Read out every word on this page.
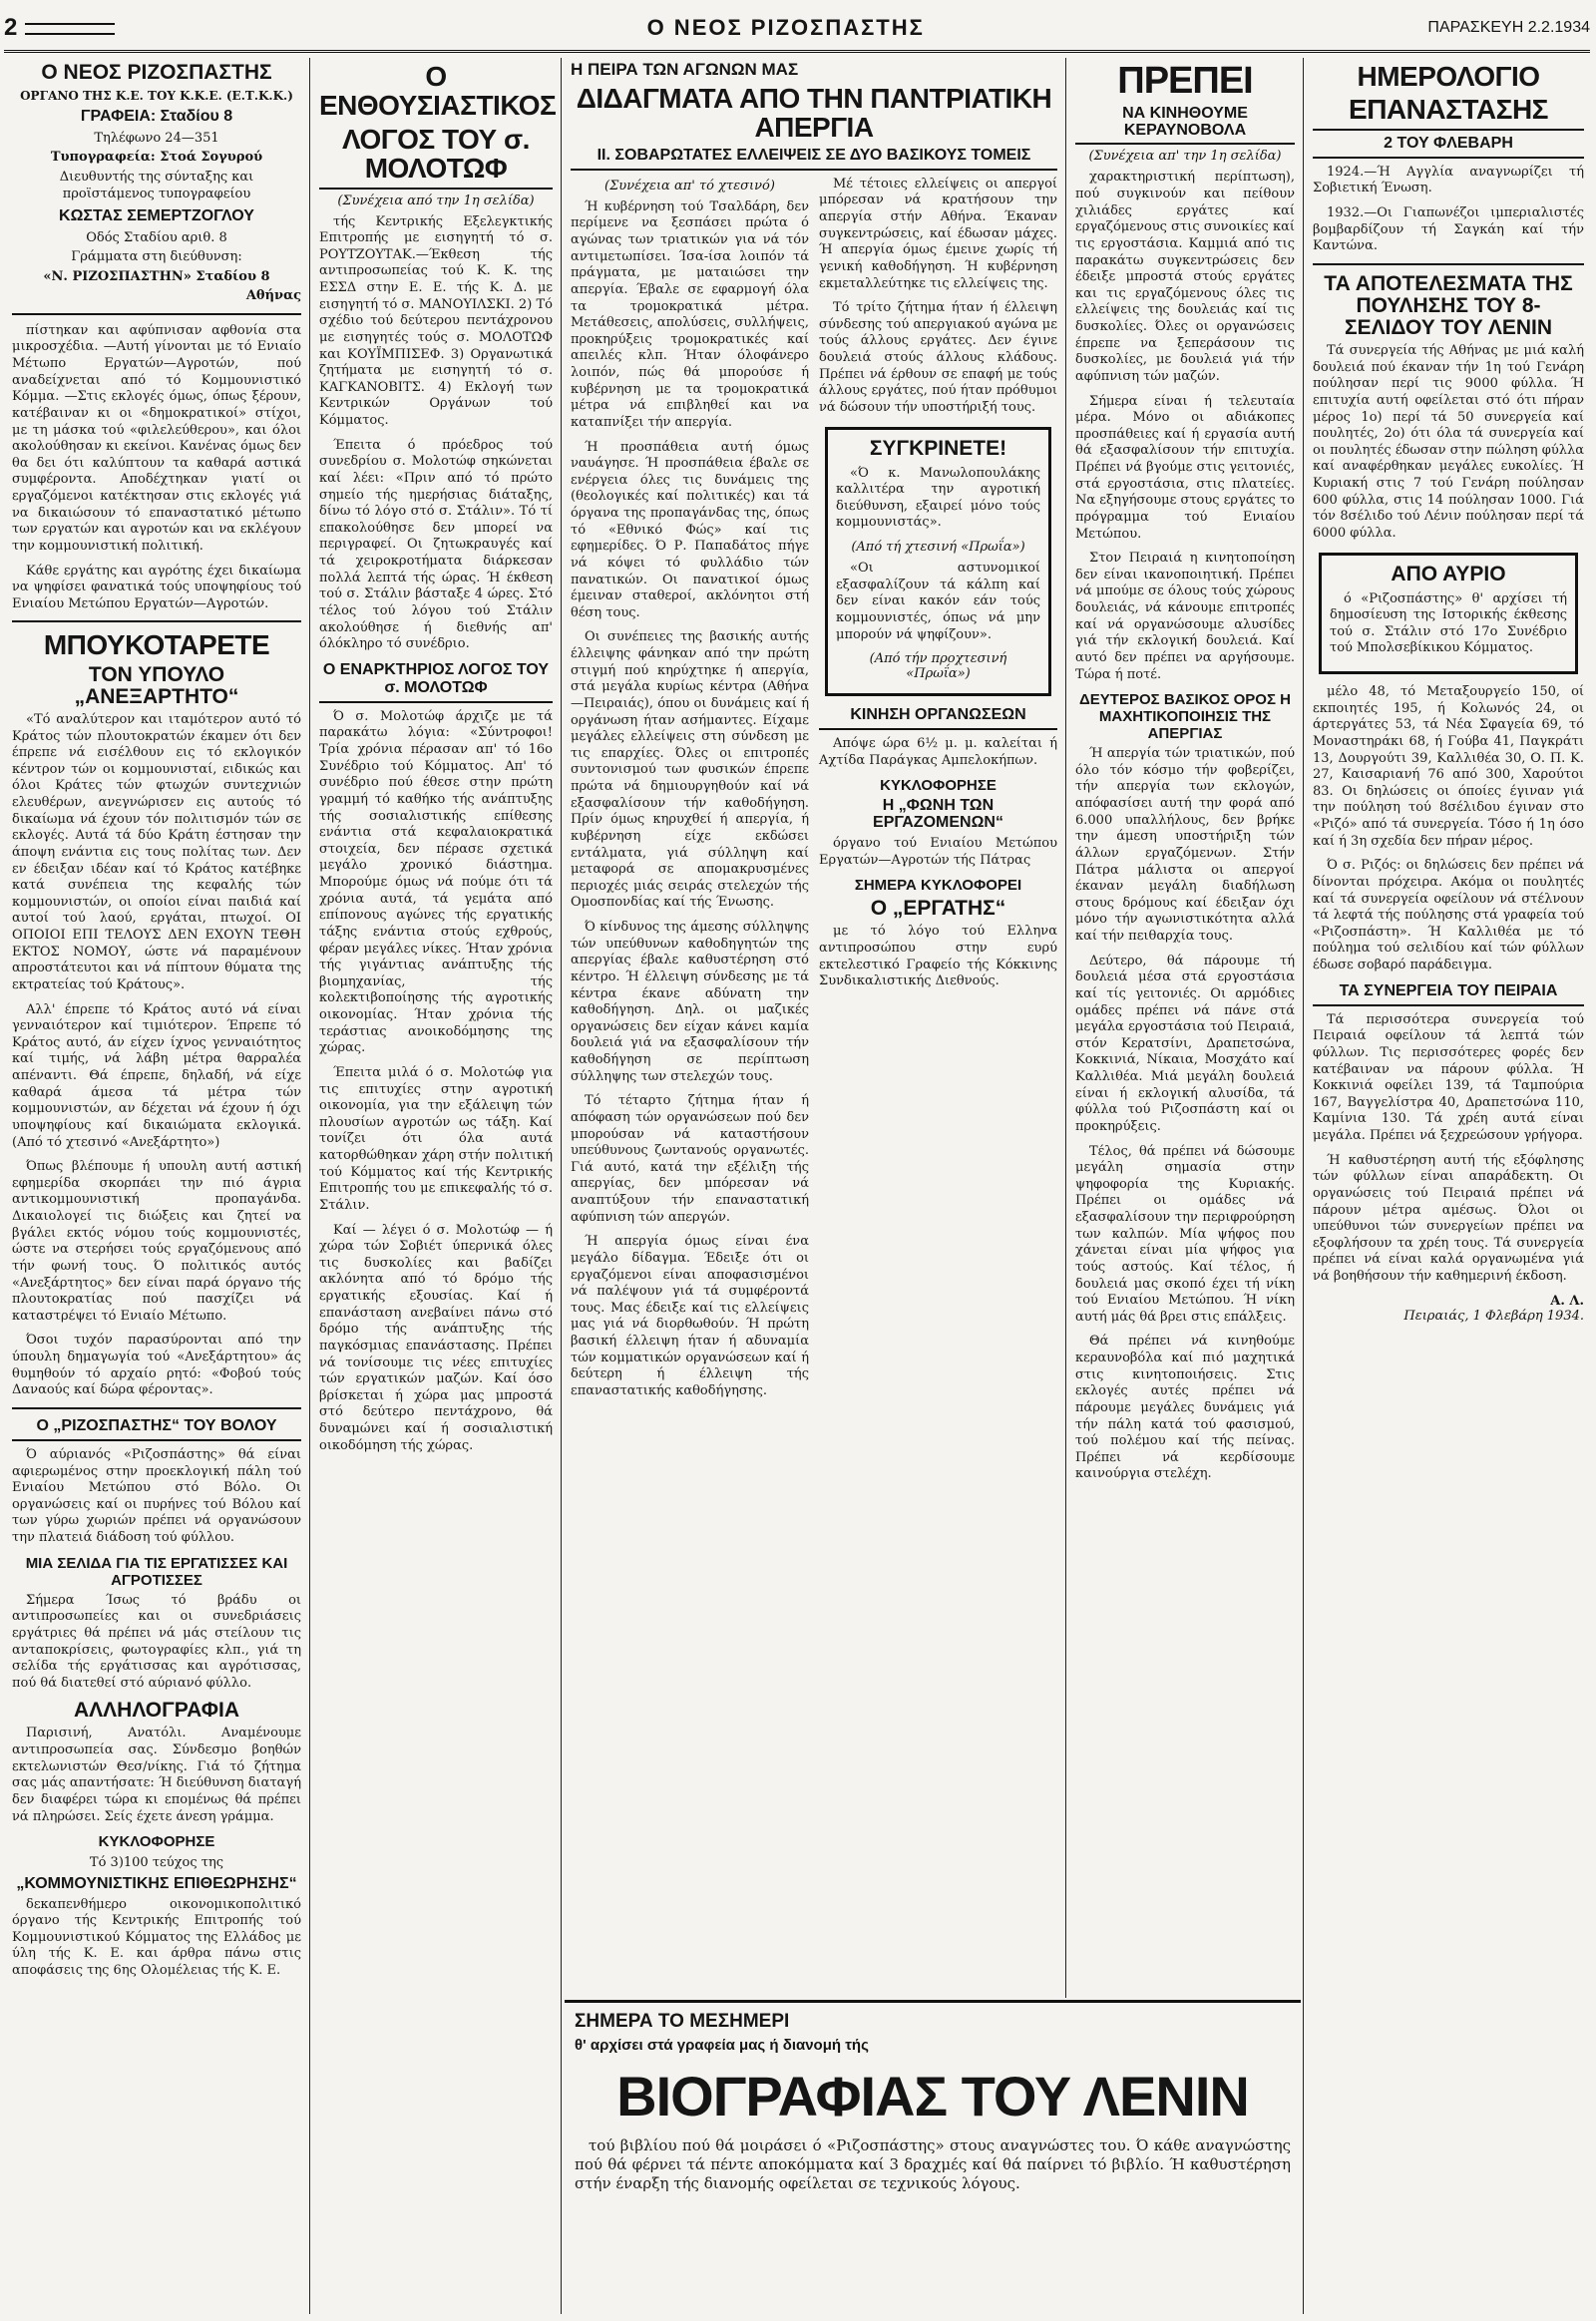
2	Ο ΝΕΟΣ ΡΙΖΟΣΠΑΣΤΗΣ	ΠΑΡΑΣΚΕΥΗ 2.2.1934
Ο ΝΕΟΣ ΡΙΖΟΣΠΑΣΤΗΣ
ΟΡΓΑΝΟ ΤΗΣ Κ.Ε. ΤΟΥ Κ.Κ.Ε. (Ε.Τ.Κ.Κ.)
ΓΡΑΦΕΙΑ: Σταδίου 8
Τηλέφωνο 24—351
Τυπογραφεία: Στοά Σογυρού
Διευθυντής της σύνταξης και προϊστάμενος τυπογραφείου
ΚΩΣΤΑΣ ΣΕΜΕΡΤΖΟΓΛΟΥ
Οδός Σταδίου αριθ. 8
Γράμματα στη διεύθυνση:
«Ν. ΡΙΖΟΣΠΑΣΤΗΝ» Σταδίου 8
Αθήνας

πίστηκαν και αφύπνισαν αφθονία στα μικροσχέδια. —Αυτή γίνονται με τό Ενιαίο Μέτωπο Εργατών—Αγροτών, πού αναδείχνεται από τό Κομμουνιστικό Κόμμα. —Στις εκλογές όμως, όπως ξέρουν, κατέβαιναν κι οι «δημοκρατικοί» στίχοι, με τη μάσκα τού «φιλελεύθερου», και όλοι ακολούθησαν κι εκείνοι. Κανένας όμως δεν θα δει ότι καλύπτουν τα καθαρά αστικά συμφέροντα. Αποδέχτηκαν γιατί οι εργαζόμενοι κατέκτησαν στις εκλογές γιά να δικαιώσουν τό επαναστατικό μέτωπο των εργατών και αγροτών και να εκλέγουν την κομμουνιστική πολιτική.

Κάθε εργάτης και αγρότης έχει δικαίωμα να ψηφίσει φανατικά τούς υποψηφίους τού Ενιαίου Μετώπου Εργατών—Αγροτών.

ΜΠΟΥΚΟΤΑΡΕΤΕ
ΤΟΝ ΥΠΟΥΛΟ „ΑΝΕΞΑΡΤΗΤΟ“

«Τό αναλύτερον και ιταμότερον αυτό τό Κράτος τών πλουτοκρατών έκαμεν ότι δεν έπρεπε νά εισέλθουν εις τό εκλογικόν κέντρον τών οι κομμουνισταί, ειδικώς και όλοι Κράτες τών φτωχών συντεχνιών ελευθέρων, ανεγνώρισεν εις αυτούς τό δικαίωμα νά έχουν τόν πολιτισμόν τών σε εκλογές. Αυτά τά δύο Κράτη έστησαν την άποψη ενάντια εις τους πολίτας των. Δεν εν έδειξαν ιδέαν καί τό Κράτος κατέβηκε κατά συνέπεια της κεφαλής τών κομμουνιστών, οι οποίοι είναι παιδιά καί αυτοί τού λαού, εργάται, πτωχοί. ΟΙ ΟΠΟΙΟΙ ΕΠΙ ΤΕΛΟΥΣ ΔΕΝ ΕΧΟΥΝ ΤΕΘΗ ΕΚΤΟΣ ΝΟΜΟΥ, ώστε νά παραμένουν απροστάτευτοι και νά πίπτουν θύματα της εκτρατείας τού Κράτους».

Αλλ' έπρεπε τό Κράτος αυτό νά είναι γενναιότερον καί τιμιότερον. Έπρεπε τό Κράτος αυτό, άν είχεν ίχνος γενναιότητος καί τιμής, νά λάβη μέτρα θαρραλέα απέναντι. Θά έπρεπε, δηλαδή, νά είχε καθαρά άμεσα τά μέτρα τών κομμουνιστών, αν δέχεται νά έχουν ή όχι υποψηφίους καί δικαιώματα εκλογικά. (Από τό χτεσινό «Ανεξάρτητο»)

Όπως βλέπουμε ή υπουλη αυτή αστική εφημερίδα σκορπάει την πιό άγρια αντικομμουνιστική προπαγάνδα. Δικαιολογεί τις διώξεις και ζητεί να βγάλει εκτός νόμου τούς κομμουνιστές, ώστε να στερήσει τούς εργαζόμενους από τήν φωνή τους. Ό πολιτικός αυτός «Ανεξάρτητος» δεν είναι παρά όργανο τής πλουτοκρατίας πού πασχίζει νά καταστρέψει τό Ενιαίο Μέτωπο.

Όσοι τυχόν παρασύρονται από την ύπουλη δημαγωγία τού «Ανεξάρτητου» άς θυμηθούν τό αρχαίο ρητό: «Φοβού τούς Δαναούς καί δώρα φέροντας».

Ο „ΡΙΖΟΣΠΑΣΤΗΣ“ ΤΟΥ ΒΟΛΟΥ

Ό αύριανός «Ριζοσπάστης» θά είναι αφιερωμένος στην προεκλογική πάλη τού Ενιαίου Μετώπου στό Βόλο. Οι οργανώσεις καί οι πυρήνες τού Βόλου καί των γύρω χωριών πρέπει νά οργανώσουν την πλατειά διάδοση τού φύλλου.

ΜΙΑ ΣΕΛΙΔΑ ΓΙΑ ΤΙΣ ΕΡΓΑΤΙΣΣΕΣ ΚΑΙ ΑΓΡΟΤΙΣΣΕΣ

Σήμερα Ίσως τό βράδυ οι αντιπροσωπείες και οι συνεδριάσεις εργάτριες θά πρέπει νά μάς στείλουν τις ανταποκρίσεις, φωτογραφίες κλπ., γιά τη σελίδα τής εργάτισσας και αγρότισσας, πού θά διατεθεί στό αύριανό φύλλο.

ΑΛΛΗΛΟΓΡΑΦΙΑ

Παρισινή, Ανατόλι. Αναμένουμε αντιπροσωπεία σας. Σύνδεσμο βοηθών εκτελωνιστών Θεσ/νίκης. Γιά τό ζήτημα σας μάς απαντήσατε: Ή διεύθυνση διαταγή δεν διαφέρει τώρα κι επομένως θά πρέπει νά πληρώσει. Σείς έχετε άνεση γράμμα.

ΚΥΚΛΟΦΟΡΗΣΕ
Τό 3)100 τεύχος της
„ΚΟΜΜΟΥΝΙΣΤΙΚΗΣ ΕΠΙΘΕΩΡΗΣΗΣ“

δεκαπενθήμερο οικονομικοπολιτικό όργανο τής Κεντρικής Επιτροπής τού Κομμουνιστικού Κόμματος της Ελλάδος με ύλη τής Κ. Ε. και άρθρα πάνω στις αποφάσεις της 6ης Ολομέλειας τής Κ. Ε.

Ο ΕΝΘΟΥΣΙΑΣΤΙΚΟΣ
ΛΟΓΟΣ ΤΟΥ σ. ΜΟΛΟΤΩΦ
(Συνέχεια από την 1η σελίδα)

τής Κεντρικής Εξελεγκτικής Επιτροπής με εισηγητή τό σ. ΡΟΥΤΖΟΥΤΑΚ.—Έκθεση τής αντιπροσωπείας τού Κ. Κ. της ΕΣΣΔ στην Ε. Ε. τής Κ. Δ. με εισηγητή τό σ. ΜΑΝΟΥΙΛΣΚΙ. 2) Τό σχέδιο τού δεύτερου πεντάχρονου με εισηγητές τούς σ. ΜΟΛΟΤΩΦ και ΚΟΥΪΜΠΙΣΕΦ. 3) Οργανωτικά ζητήματα με εισηγητή τό σ. ΚΑΓΚΑΝΟΒΙΤΣ. 4) Εκλογή των Κεντρικών Οργάνων τού Κόμματος.

Έπειτα ό πρόεδρος τού συνεδρίου σ. Μολοτώφ σηκώνεται καί λέει: «Πριν από τό πρώτο σημείο τής ημερήσιας διάταξης, δίνω τό λόγο στό σ. Στάλιν». Τό τί επακολούθησε δεν μπορεί να περιγραφεί. Οι ζητωκραυγές καί τά χειροκροτήματα διάρκεσαν πολλά λεπτά τής ώρας. Ή έκθεση τού σ. Στάλιν βάσταξε 4 ώρες. Στό τέλος τού λόγου τού Στάλιν ακολούθησε ή διεθνής απ' όλόκληρο τό συνέδριο.

Ο ΕΝΑΡΚΤΗΡΙΟΣ ΛΟΓΟΣ ΤΟΥ σ. ΜΟΛΟΤΩΦ

Ό σ. Μολοτώφ άρχιζε με τά παρακάτω λόγια: «Σύντροφοι! Τρία χρόνια πέρασαν απ' τό 16ο Συνέδριο τού Κόμματος. Απ' τό συνέδριο πού έθεσε στην πρώτη γραμμή τό καθήκο τής ανάπτυξης τής σοσιαλιστικής επίθεσης ενάντια στά κεφαλαιοκρατικά στοιχεία, δεν πέρασε σχετικά μεγάλο χρονικό διάστημα. Μπορούμε όμως νά πούμε ότι τά χρόνια αυτά, τά γεμάτα από επίπονους αγώνες τής εργατικής τάξης ενάντια στούς εχθρούς, φέραν μεγάλες νίκες. Ήταν χρόνια τής γιγάντιας ανάπτυξης τής βιομηχανίας, τής κολεκτιβοποίησης τής αγροτικής οικονομίας. Ήταν χρόνια τής τεράστιας ανοικοδόμησης της χώρας.

Έπειτα μιλά ό σ. Μολοτώφ για τις επιτυχίες στην αγροτική οικονομία, για την εξάλειψη τών πλουσίων αγροτών ως τάξη. Καί τονίζει ότι όλα αυτά κατορθώθηκαν χάρη στήν πολιτική τού Κόμματος καί τής Κεντρικής Επιτροπής του με επικεφαλής τό σ. Στάλιν.

Καί — λέγει ό σ. Μολοτώφ — ή χώρα τών Σοβιέτ ύπερνικά όλες τις δυσκολίες και βαδίζει ακλόνητα από τό δρόμο τής εργατικής εξουσίας. Καί ή επανάσταση ανεβαίνει πάνω στό δρόμο τής ανάπτυξης τής παγκόσμιας επανάστασης. Πρέπει νά τονίσουμε τις νέες επιτυχίες τών εργατικών μαζών. Καί όσο βρίσκεται ή χώρα μας μπροστά στό δεύτερο πεντάχρονο, θά δυναμώνει καί ή σοσιαλιστική οικοδόμηση τής χώρας.

Η ΠΕΙΡΑ ΤΩΝ ΑΓΩΝΩΝ ΜΑΣ
ΔΙΔΑΓΜΑΤΑ ΑΠΟ ΤΗΝ ΠΑΝΤΡΙΑΤΙΚΗ ΑΠΕΡΓΙΑ
II. ΣΟΒΑΡΩΤΑΤΕΣ ΕΛΛΕΙΨΕΙΣ ΣΕ ΔΥΟ ΒΑΣΙΚΟΥΣ ΤΟΜΕΙΣ
(Συνέχεια απ' τό χτεσινό)

Ή κυβέρνηση τού Τσαλδάρη, δεν περίμενε να ξεσπάσει πρώτα ό αγώνας των τριατικών για νά τόν αντιμετωπίσει. Ίσα-ίσα λοιπόν τά πράγματα, με ματαιώσει την απεργία. Έβαλε σε εφαρμογή όλα τα τρομοκρατικά μέτρα. Μετάθεσεις, απολύσεις, συλλήψεις, προκηρύξεις τρομοκρατικές καί απειλές κλπ. Ήταν όλοφάνερο λοιπόν, πώς θά μπορούσε ή κυβέρνηση με τα τρομοκρατικά μέτρα νά επιβληθεί και να καταπνίξει τήν απεργία.

Ή προσπάθεια αυτή όμως ναυάγησε. Ή προσπάθεια έβαλε σε ενέργεια όλες τις δυνάμεις της (θεολογικές καί πολιτικές) και τά όργανα της προπαγάνδας της, όπως τό «Εθνικό Φώς» καί τις εφημερίδες. Ό Ρ. Παπαδάτος πήγε νά κόψει τό φυλλάδιο τών πανατικών. Οι πανατικοί όμως έμειναν σταθεροί, ακλόνητοι στή θέση τους.

Οι συνέπειες της βασικής αυτής έλλειψης φάνηκαν από την πρώτη στιγμή πού κηρύχτηκε ή απεργία, στά μεγάλα κυρίως κέντρα (Αθήνα—Πειραιάς), όπου οι δυνάμεις καί ή οργάνωση ήταν ασήμαντες. Είχαμε μεγάλες ελλείψεις στη σύνδεση με τις επαρχίες. Όλες οι επιτροπές συντονισμού των φυσικών έπρεπε πρώτα νά δημιουργηθούν καί νά εξασφαλίσουν τήν καθοδήγηση. Πρίν όμως κηρυχθεί ή απεργία, ή κυβέρνηση είχε εκδώσει εντάλματα, γιά σύλληψη καί μεταφορά σε απομακρυσμένες περιοχές μιάς σειράς στελεχών τής Ομοσπονδίας καί τής Ένωσης.

Ό κίνδυνος της άμεσης σύλληψης τών υπεύθυνων καθοδηγητών της απεργίας έβαλε καθυστέρηση στό κέντρο. Ή έλλειψη σύνδεσης με τά κέντρα έκανε αδύνατη την καθοδήγηση. Δηλ. οι μαζικές οργανώσεις δεν είχαν κάνει καμία δουλειά γιά να εξασφαλίσουν τήν καθοδήγηση σε περίπτωση σύλληψης των στελεχών τους.

Τό τέταρτο ζήτημα ήταν ή απόφαση τών οργανώσεων πού δεν μπορούσαν νά καταστήσουν υπεύθυνους ζωντανούς οργανωτές. Γιά αυτό, κατά την εξέλιξη τής απεργίας, δεν μπόρεσαν νά αναπτύξουν τήν επαναστατική αφύπνιση τών απεργών.

Ή απεργία όμως είναι ένα μεγάλο δίδαγμα. Έδειξε ότι οι εργαζόμενοι είναι αποφασισμένοι νά παλέψουν γιά τά συμφέροντά τους. Μας έδειξε καί τις ελλείψεις μας γιά νά διορθωθούν. Ή πρώτη βασική έλλειψη ήταν ή αδυναμία τών κομματικών οργανώσεων καί ή δεύτερη ή έλλειψη τής επαναστατικής καθοδήγησης.

Μέ τέτοιες ελλείψεις οι απεργοί μπόρεσαν νά κρατήσουν την απεργία στήν Αθήνα. Έκαναν συγκεντρώσεις, καί έδωσαν μάχες. Ή απεργία όμως έμεινε χωρίς τή γενική καθοδήγηση. Ή κυβέρνηση εκμεταλλεύτηκε τις ελλείψεις της.

Τό τρίτο ζήτημα ήταν ή έλλειψη σύνδεσης τού απεργιακού αγώνα με τούς άλλους εργάτες. Δεν έγινε δουλειά στούς άλλους κλάδους. Πρέπει νά έρθουν σε επαφή με τούς άλλους εργάτες, πού ήταν πρόθυμοι νά δώσουν τήν υποστήριξή τους.

ΣΥΓΚΡΙΝΕΤΕ!

«Ό κ. Μανωλοπουλάκης καλλιτέρα την αγροτική διεύθυνση, εξαιρεί μόνο τούς κομμουνιστάς».

(Από τή χτεσινή «Πρωΐα»)

«Οι αστυνομικοί εξασφαλίζουν τά κάλπη καί δεν είναι κακόν εάν τούς κομμουνιστές, όπως νά μην μπορούν νά ψηφίζουν».

(Από τήν προχτεσινή «Πρωΐα»)
ΚΙΝΗΣΗ ΟΡΓΑΝΩΣΕΩΝ

Απόψε ώρα 6½ μ. μ. καλείται ή Αχτίδα Παράγκας Αμπελοκήπων.

ΚΥΚΛΟΦΟΡΗΣΕ
Η „ΦΩΝΗ ΤΩΝ ΕΡΓΑΖΟΜΕΝΩΝ“

όργανο τού Ενιαίου Μετώπου Εργατών—Αγροτών τής Πάτρας

ΣΗΜΕΡΑ ΚΥΚΛΟΦΟΡΕΙ
Ο „ΕΡΓΑΤΗΣ“

με τό λόγο τού Ελληνα αντιπροσώπου στην ευρύ εκτελεστικό Γραφείο τής Κόκκινης Συνδικαλιστικής Διεθνούς.

ΠΡΕΠΕΙ
ΝΑ ΚΙΝΗΘΟΥΜΕ ΚΕΡΑΥΝΟΒΟΛΑ
(Συνέχεια απ' την 1η σελίδα)

χαρακτηριστική περίπτωση), πού συγκινούν και πείθουν χιλιάδες εργάτες καί εργαζόμενους στις συνοικίες καί τις εργοστάσια. Καμμιά από τις παρακάτω συγκεντρώσεις δεν έδειξε μπροστά στούς εργάτες και τις εργαζόμενους όλες τις ελλείψεις της δουλειάς καί τις δυσκολίες. Όλες οι οργανώσεις έπρεπε να ξεπεράσουν τις δυσκολίες, με δουλειά γιά τήν αφύπνιση τών μαζών.

Σήμερα είναι ή τελευταία μέρα. Μόνο οι αδιάκοπες προσπάθειες καί ή εργασία αυτή θά εξασφαλίσουν τήν επιτυχία. Πρέπει νά βγούμε στις γειτονιές, στά εργοστάσια, στις πλατείες. Να εξηγήσουμε στους εργάτες το πρόγραμμα τού Ενιαίου Μετώπου.

Στον Πειραιά η κινητοποίηση δεν είναι ικανοποιητική. Πρέπει νά μπούμε σε όλους τούς χώρους δουλειάς, νά κάνουμε επιτροπές καί νά οργανώσουμε αλυσίδες γιά τήν εκλογική δουλειά. Καί αυτό δεν πρέπει να αργήσουμε. Τώρα ή ποτέ.

ΔΕΥΤΕΡΟΣ ΒΑΣΙΚΟΣ ΟΡΟΣ Η ΜΑΧΗΤΙΚΟΠΟΙΗΣΙΣ ΤΗΣ ΑΠΕΡΓΙΑΣ

Ή απεργία τών τριατικών, πού όλο τόν κόσμο τήν φοβερίζει, τήν απεργία των εκλογών, απόφασίσει αυτή την φορά από 6.000 υπαλλήλους, δεν βρήκε την άμεση υποστήριξη τών άλλων εργαζόμενων. Στήν Πάτρα μάλιστα οι απεργοί έκαναν μεγάλη διαδήλωση στους δρόμους καί έδειξαν όχι μόνο τήν αγωνιστικότητα αλλά καί τήν πειθαρχία τους.

Δεύτερο, θά πάρουμε τή δουλειά μέσα στά εργοστάσια καί τίς γειτονιές. Οι αρμόδιες ομάδες πρέπει νά πάνε στά μεγάλα εργοστάσια τού Πειραιά, στόν Κερατσίνι, Δραπετσώνα, Κοκκινιά, Νίκαια, Μοσχάτο καί Καλλιθέα. Μιά μεγάλη δουλειά είναι ή εκλογική αλυσίδα, τά φύλλα τού Ριζοσπάστη καί οι προκηρύξεις.

Τέλος, θά πρέπει νά δώσουμε μεγάλη σημασία στην ψηφοφορία της Κυριακής. Πρέπει οι ομάδες νά εξασφαλίσουν την περιφρούρηση των καλπών. Μία ψήφος που χάνεται είναι μία ψήφος για τούς αστούς. Καί τέλος, ή δουλειά μας σκοπό έχει τή νίκη τού Ενιαίου Μετώπου. Ή νίκη αυτή μάς θά βρει στις επάλξεις.

Θά πρέπει νά κινηθούμε κεραυνοβόλα καί πιό μαχητικά στις κινητοποιήσεις. Στις εκλογές αυτές πρέπει νά πάρουμε μεγάλες δυνάμεις γιά τήν πάλη κατά τού φασισμού, τού πολέμου καί τής πείνας. Πρέπει νά κερδίσουμε καινούργια στελέχη.

ΗΜΕΡΟΛΟΓΙΟ
ΕΠΑΝΑΣΤΑΣΗΣ
2 ΤΟΥ ΦΛΕΒΑΡΗ

1924.—Ή Αγγλία αναγνωρίζει τή Σοβιετική Ένωση.

1932.—Οι Γιαπωνέζοι ιμπεριαλιστές βομβαρδίζουν τή Σαγκάη καί τήν Καντώνα.

ΤΑ ΑΠΟΤΕΛΕΣΜΑΤΑ ΤΗΣ ΠΟΥΛΗΣΗΣ ΤΟΥ 8-ΣΕΛΙΔΟΥ ΤΟΥ ΛΕΝΙΝ

Τά συνεργεία τής Αθήνας με μιά καλή δουλειά πού έκαναν τήν 1η τού Γενάρη πούλησαν περί τις 9000 φύλλα. Ή επιτυχία αυτή οφείλεται στό ότι πήραν μέρος 1ο) περί τά 50 συνεργεία καί πουλητές, 2ο) ότι όλα τά συνεργεία καί οι πουλητές έδωσαν στην πώληση φύλλα καί αναφέρθηκαν μεγάλες ευκολίες. Ή Κυριακή στις 7 τού Γενάρη πούλησαν 600 φύλλα, στις 14 πούλησαν 1000. Γιά τόν 8σέλιδο τού Λένιν πούλησαν περί τά 6000 φύλλα.

ΑΠΟ ΑΥΡΙΟ

ό «Ριζοσπάστης» θ' αρχίσει τή δημοσίευση της Ιστορικής έκθεσης τού σ. Στάλιν στό 17ο Συνέδριο τού Μπολσεβίκικου Κόμματος.

μέλο 48, τό Μεταξουργείο 150, οί εκποιητές 195, ή Κολωνός 24, οι άρτεργάτες 53, τά Νέα Σφαγεία 69, τό Μοναστηράκι 68, ή Γούβα 41, Παγκράτι 13, Δουργούτι 39, Καλλιθέα 30, Ο. Π. Κ. 27, Καισαριανή 76 από 300, Χαρούτοι 83. Οι δηλώσεις οι όποίες έγιναν γιά την πούληση τού 8σέλιδου έγιναν στο «Ριζό» από τά συνεργεία. Τόσο ή 1η όσο καί ή 3η σχεδία δεν πήραν μέρος.

Ό σ. Ριζός: οι δηλώσεις δεν πρέπει νά δίνονται πρόχειρα. Ακόμα οι πουλητές καί τά συνεργεία οφείλουν νά στέλνουν τά λεφτά τής πούλησης στά γραφεία τού «Ριζοσπάστη». Ή Καλλιθέα με τό πούλημα τού σελιδίου καί τών φύλλων έδωσε σοβαρό παράδειγμα.

ΤΑ ΣΥΝΕΡΓΕΙΑ ΤΟΥ ΠΕΙΡΑΙΑ

Τά περισσότερα συνεργεία τού Πειραιά οφείλουν τά λεπτά τών φύλλων. Τις περισσότερες φορές δεν κατέβαιναν να πάρουν φύλλα. Ή Κοκκινιά οφείλει 139, τά Ταμπούρια 167, Βαγγελίστρα 40, Δραπετσώνα 110, Καμίνια 130. Τά χρέη αυτά είναι μεγάλα. Πρέπει νά ξεχρεώσουν γρήγορα.

Ή καθυστέρηση αυτή τής εξόφλησης τών φύλλων είναι απαράδεκτη. Οι οργανώσεις τού Πειραιά πρέπει νά πάρουν μέτρα αμέσως. Όλοι οι υπεύθυνοι τών συνεργείων πρέπει να εξοφλήσουν τα χρέη τους. Τά συνεργεία πρέπει νά είναι καλά οργανωμένα γιά νά βοηθήσουν τήν καθημερινή έκδοση.

Α. Λ.
Πειραιάς, 1 Φλεβάρη 1934.
ΣΗΜΕΡΑ ΤΟ ΜΕΣΗΜΕΡΙ
θ' αρχίσει στά γραφεία μας ή διανομή τής
ΒΙΟΓΡΑΦΙΑΣ ΤΟΥ ΛΕΝΙΝ

τού βιβλίου πού θά μοιράσει ό «Ριζοσπάστης» στους αναγνώστες του. Ό κάθε αναγνώστης πού θά φέρνει τά πέντε αποκόμματα καί 3 δραχμές καί θά παίρνει τό βιβλίο. Ή καθυστέρηση στήν έναρξη τής διανομής οφείλεται σε τεχνικούς λόγους.
